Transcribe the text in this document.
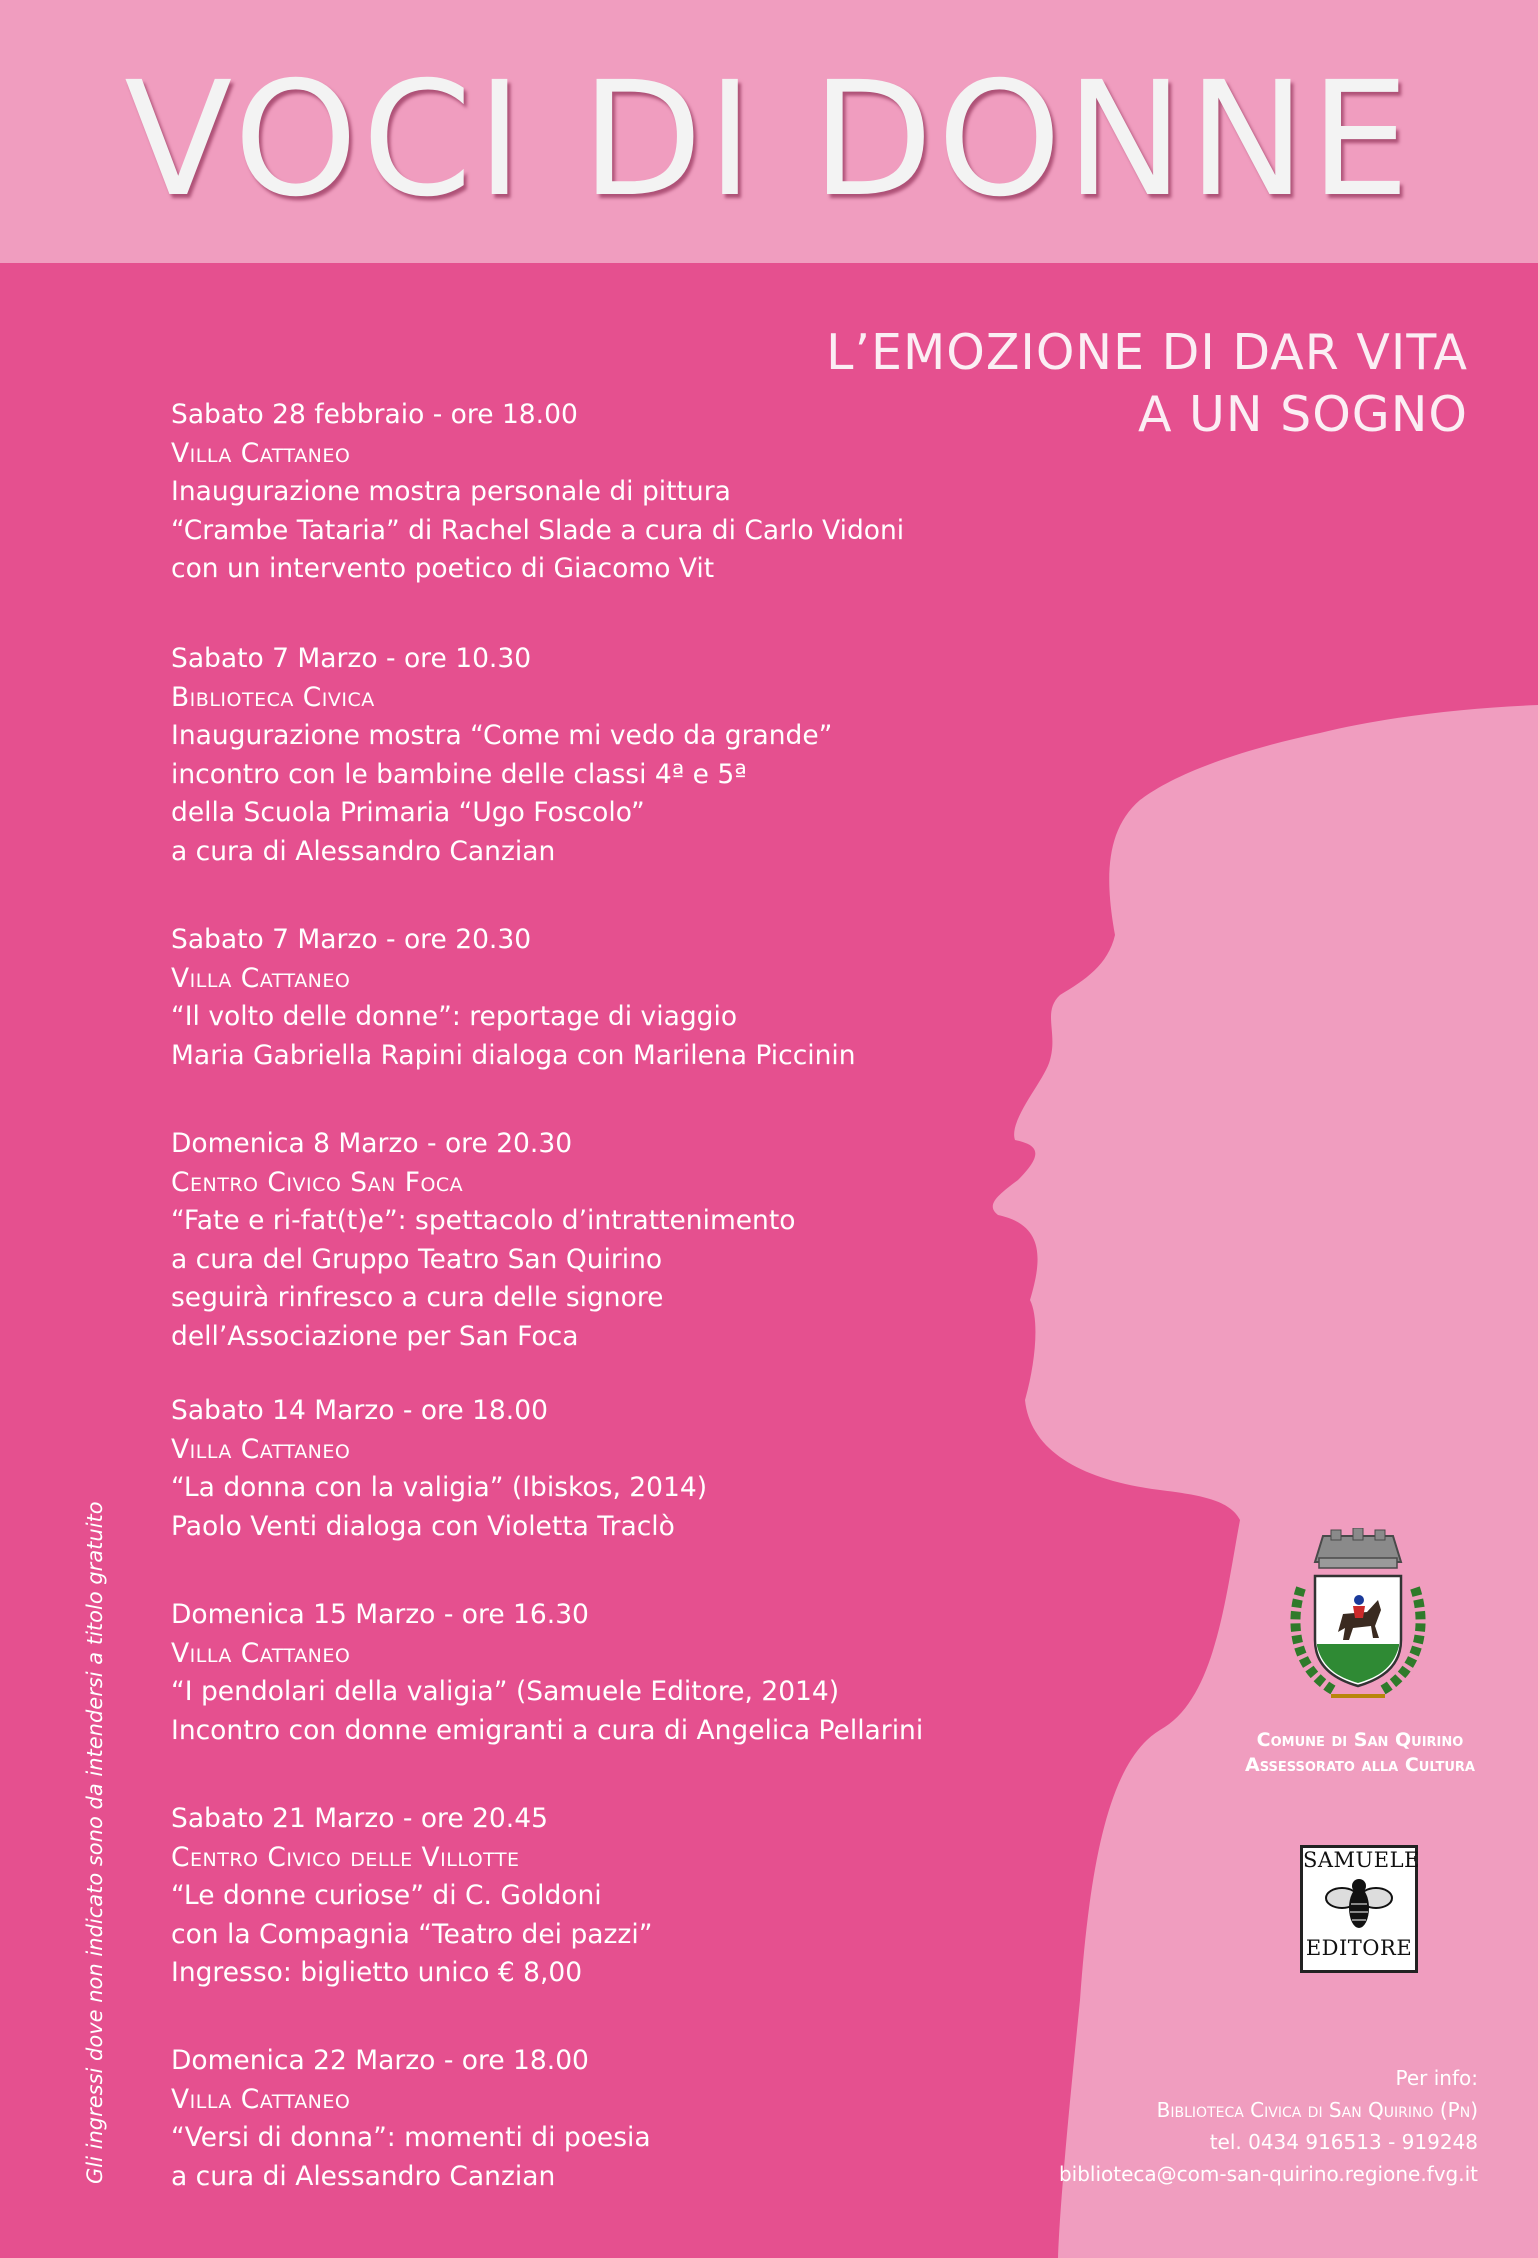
VOCI DI DONNE
L’EMOZIONE DI DAR VITA
A UN SOGNO
Sabato 28 febbraio - ore 18.00
Villa Cattaneo
Inaugurazione mostra personale di pittura
“Crambe Tataria” di Rachel Slade a cura di Carlo Vidoni
con un intervento poetico di Giacomo Vit
Sabato 7 Marzo - ore 10.30
Biblioteca Civica
Inaugurazione mostra “Come mi vedo da grande”
incontro con le bambine delle classi 4ª e 5ª
della Scuola Primaria “Ugo Foscolo”
a cura di Alessandro Canzian
Sabato 7 Marzo - ore 20.30
Villa Cattaneo
“Il volto delle donne”: reportage di viaggio
Maria Gabriella Rapini dialoga con Marilena Piccinin
Domenica 8 Marzo - ore 20.30
Centro Civico San Foca
“Fate e ri-fat(t)e”: spettacolo d’intrattenimento
a cura del Gruppo Teatro San Quirino
seguirà rinfresco a cura delle signore
dell’Associazione per San Foca
Sabato 14 Marzo - ore 18.00
Villa Cattaneo
“La donna con la valigia” (Ibiskos, 2014)
Paolo Venti dialoga con Violetta Traclò
Domenica 15 Marzo - ore 16.30
Villa Cattaneo
“I pendolari della valigia” (Samuele Editore, 2014)
Incontro con donne emigranti a cura di Angelica Pellarini
Sabato 21 Marzo - ore 20.45
Centro Civico delle Villotte
“Le donne curiose” di C. Goldoni
con la Compagnia “Teatro dei pazzi”
Ingresso: biglietto unico € 8,00
Domenica 22 Marzo - ore 18.00
Villa Cattaneo
“Versi di donna”: momenti di poesia
a cura di Alessandro Canzian
Gli ingressi dove non indicato sono da intendersi a titolo gratuito	Comune di San Quirino
Assessorato alla Cultura
SAMUELE
EDITORE
Per info:
Biblioteca Civica di San Quirino (Pn)
tel. 0434 916513 - 919248
biblioteca@com-san-quirino.regione.fvg.it
